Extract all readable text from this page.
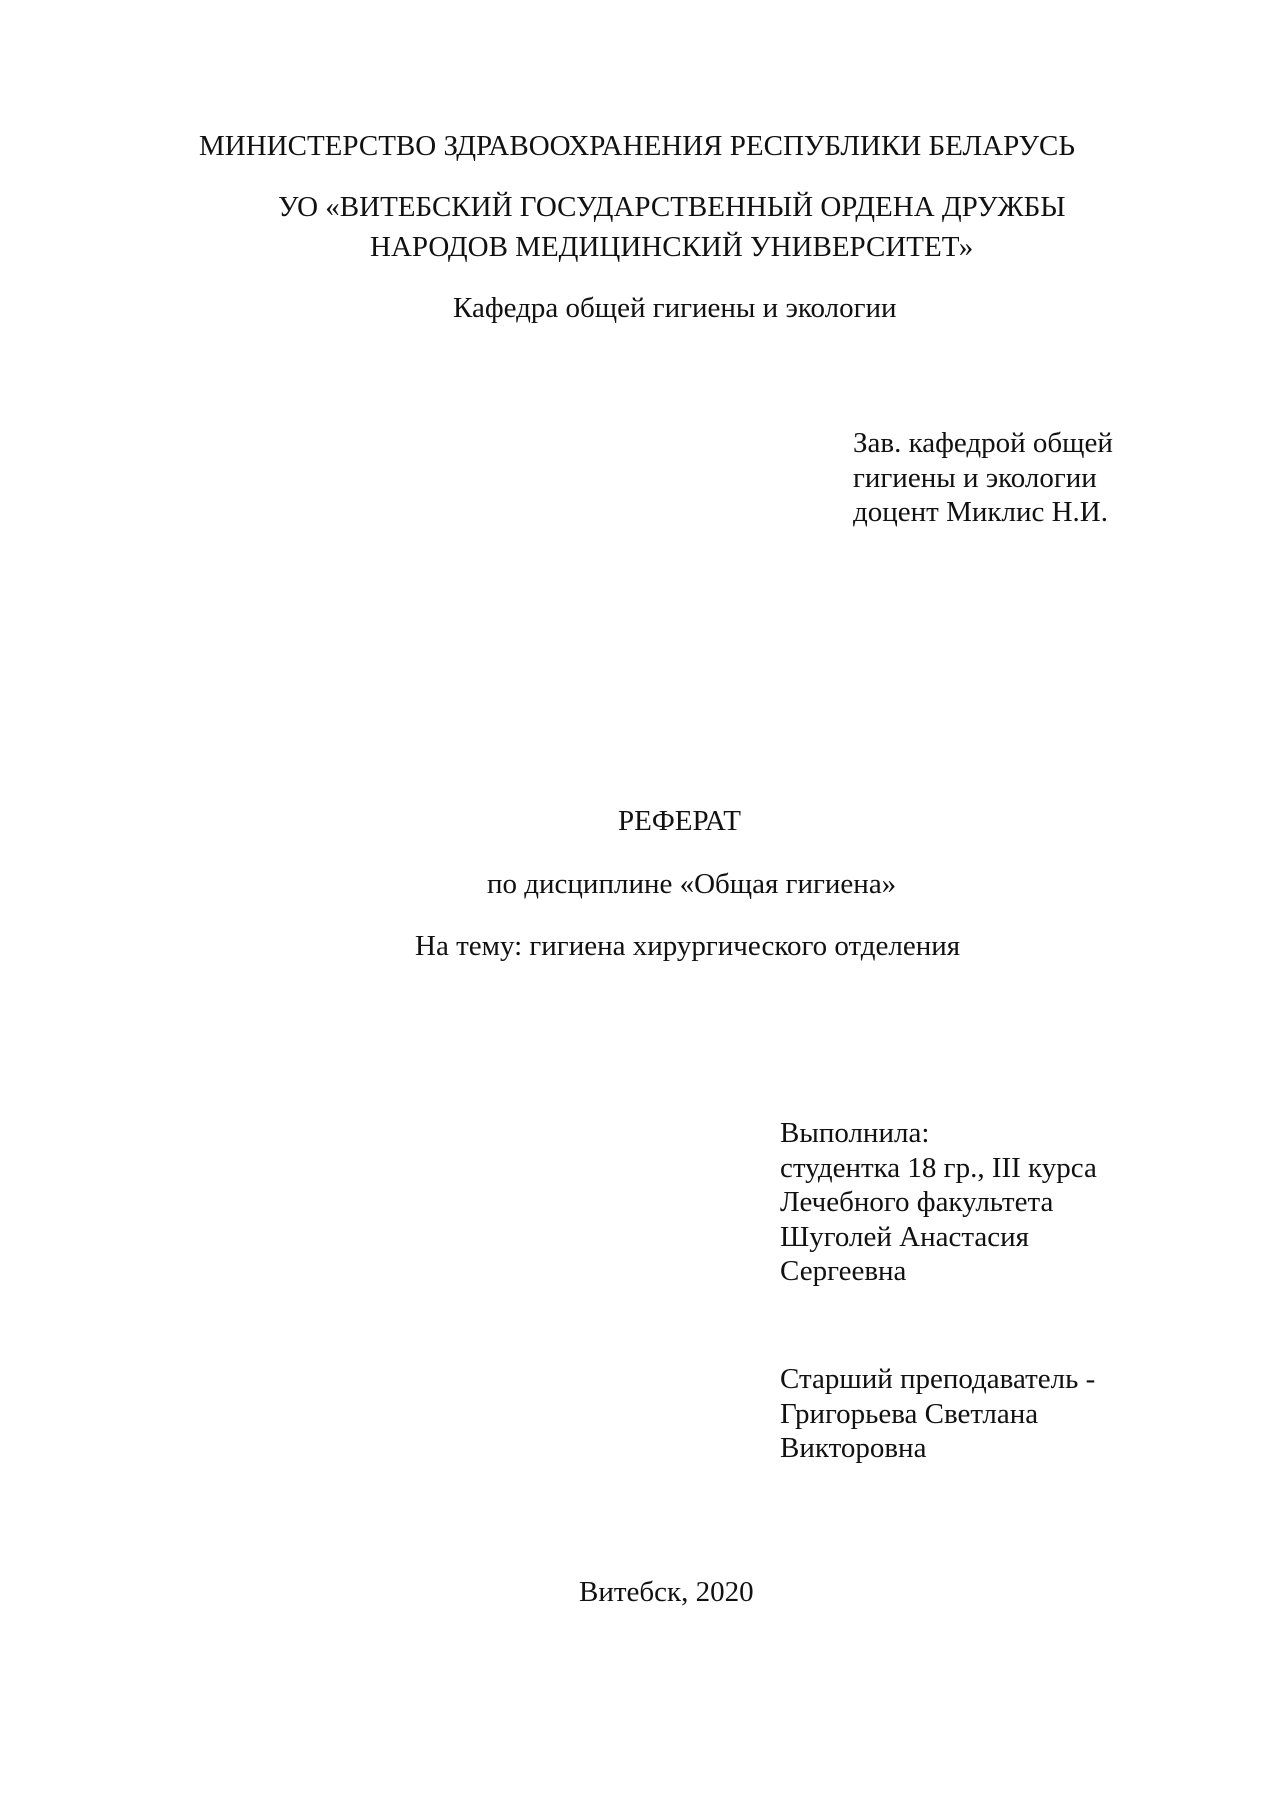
МИНИСТЕРСТВО ЗДРАВООХРАНЕНИЯ РЕСПУБЛИКИ БЕЛАРУСЬ
УО «ВИТЕБСКИЙ ГОСУДАРСТВЕННЫЙ ОРДЕНА ДРУЖБЫ
НАРОДОВ МЕДИЦИНСКИЙ УНИВЕРСИТЕТ»
Кафедра общей гигиены и экологии
Зав. кафедрой общей
гигиены и экологии
доцент Миклис Н.И.
РЕФЕРАТ
по дисциплине «Общая гигиена»
На тему: гигиена хирургического отделения
Выполнила:
студентка 18 гр., III курса
Лечебного факультета
Шуголей Анастасия
Сергеевна
Старший преподаватель -
Григорьева Светлана
Викторовна
Витебск, 2020
